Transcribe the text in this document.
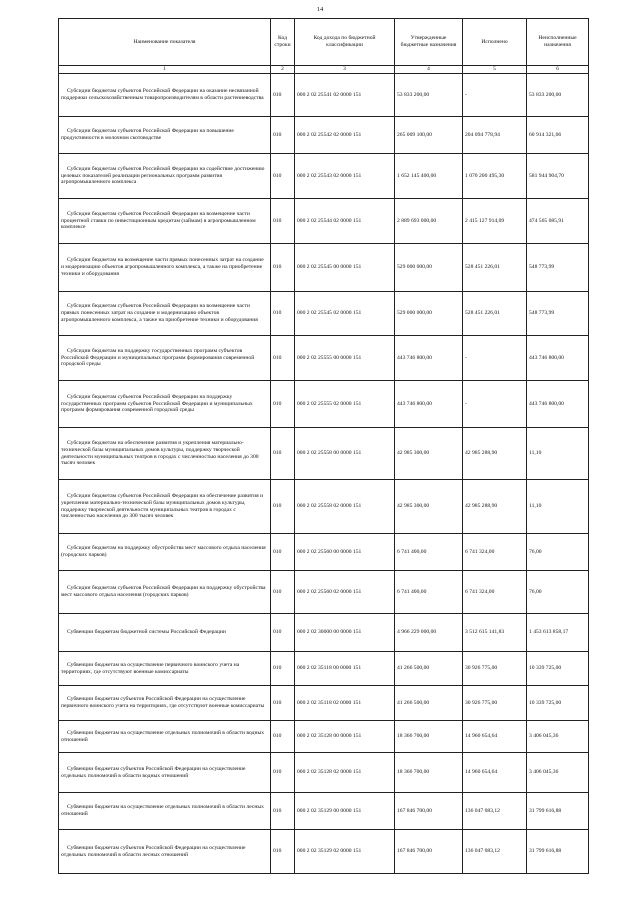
14
Наименование показателя	Код строки	Код дохода по бюджетной классификации	Утвержденные бюджетные назначения	Исполнено	Неисполненные назначения
1	2	3	4	5	6
Субсидии бюджетам субъектов Российской Федерации на оказание несвязанной поддержки сельскохозяйственным товаропроизводителям в области растениеводства	010	000 2 02 25541 02 0000 151	53 833 200,00	-	53 833 200,00
Субсидии бюджетам субъектов Российской Федерации на повышение продуктивности в молочном скотоводстве	010	000 2 02 25542 02 0000 151	265 009 100,00	204 094 778,94	60 914 321,06
Субсидии бюджетам субъектов Российской Федерации на содействие достижению целевых показателей реализации региональных программ развития агропромышленного комплекса	010	000 2 02 25543 02 0000 151	1 652 145 400,00	1 070 200 495,30	581 944 904,70
Субсидии бюджетам субъектов Российской Федерации на возмещение части процентной ставки по инвестиционным кредитам (займам) в агропромышленном комплексе	010	000 2 02 25544 02 0000 151	2 889 693 000,00	2 415 127 914,09	474 565 085,91
Субсидии бюджетам на возмещение части прямых понесенных затрат на создание и модернизацию объектов агропромышленного комплекса, а также на приобретение техники и оборудования	010	000 2 02 25545 00 0000 151	529 000 000,00	528 451 226,01	548 773,99
Субсидии бюджетам субъектов Российской Федерации на возмещение части прямых понесенных затрат на создание и модернизацию объектов агропромышленного комплекса, а также на приобретение техники и оборудования	010	000 2 02 25545 02 0000 151	529 000 000,00	528 451 226,01	548 773,99
Субсидии бюджетам на поддержку государственных программ субъектов Российской Федерации и муниципальных программ формирования современной городской среды	010	000 2 02 25555 00 0000 151	443 746 800,00	-	443 746 800,00
Субсидии бюджетам субъектов Российской Федерации на поддержку государственных программ субъектов Российской Федерации и муниципальных программ формирования современной городской среды	010	000 2 02 25555 02 0000 151	443 746 800,00	-	443 746 800,00
Субсидии бюджетам на обеспечение развития и укрепления материально-технической базы муниципальных домов культуры, поддержку творческой деятельности муниципальных театров в городах с численностью населения до 300 тысяч человек	010	000 2 02 25558 00 0000 151	42 985 300,00	42 985 288,90	11,10
Субсидии бюджетам субъектов Российской Федерации на обеспечение развития и укрепления материально-технической базы муниципальных домов культуры, поддержку творческой деятельности муниципальных театров в городах с численностью населения до 300 тысяч человек	010	000 2 02 25558 02 0000 151	42 985 300,00	42 985 288,90	11,10
Субсидии бюджетам на поддержку обустройства мест массового отдыха населения (городских парков)	010	000 2 02 25560 00 0000 151	6 741 400,00	6 741 324,00	76,00
Субсидии бюджетам субъектов Российской Федерации на поддержку обустройства мест массового отдыха населения (городских парков)	010	000 2 02 25560 02 0000 151	6 741 400,00	6 741 324,00	76,00
Субвенции бюджетам бюджетной системы Российской Федерации	010	000 2 02 30000 00 0000 151	4 966 229 000,00	3 512 615 141,83	1 453 613 858,17
Субвенции бюджетам на осуществление первичного воинского учета на территориях, где отсутствуют военные комиссариаты	010	000 2 02 35118 00 0000 151	41 266 500,00	30 926 775,00	10 339 725,00
Субвенции бюджетам субъектов Российской Федерации на осуществление первичного воинского учета на территориях, где отсутствуют военные комиссариаты	010	000 2 02 35118 02 0000 151	41 266 500,00	30 926 775,00	10 339 725,00
Субвенции бюджетам на осуществление отдельных полномочий в области водных отношений	010	000 2 02 35128 00 0000 151	18 366 700,00	14 960 654,64	3 406 045,36
Субвенции бюджетам субъектов Российской Федерации на осуществление отдельных полномочий в области водных отношений	010	000 2 02 35128 02 0000 151	18 366 700,00	14 960 654,64	3 406 045,36
Субвенции бюджетам на осуществление отдельных полномочий в области лесных отношений	010	000 2 02 35129 00 0000 151	167 846 700,00	136 047 083,12	31 799 616,88
Субвенции бюджетам субъектов Российской Федерации на осуществление отдельных полномочий в области лесных отношений	010	000 2 02 35129 02 0000 151	167 846 700,00	136 047 083,12	31 799 616,88
